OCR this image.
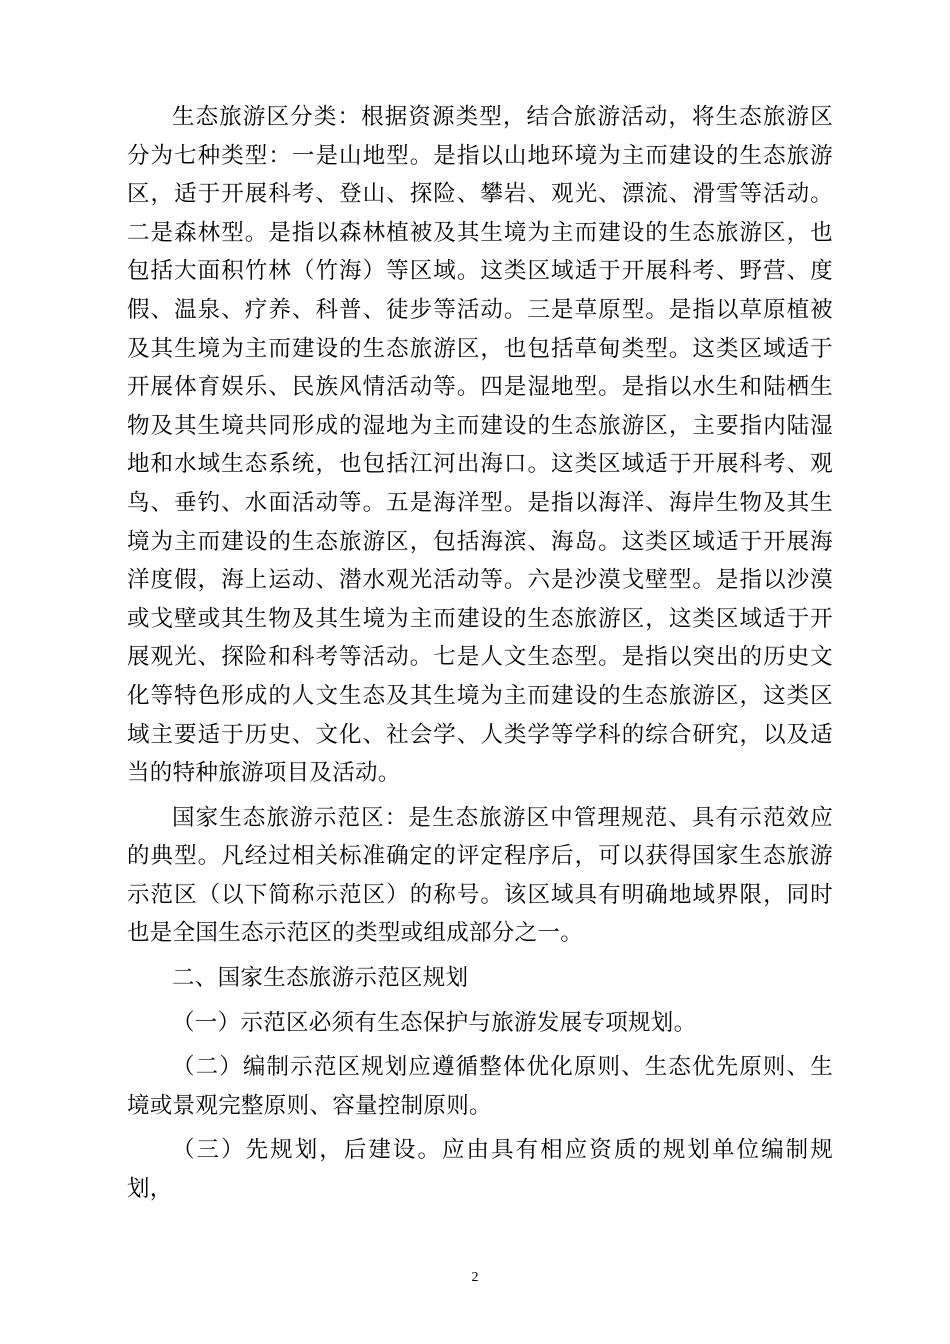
生态旅游区分类：根据资源类型，结合旅游活动，将生态旅游区分为七种类型：一是山地型。是指以山地环境为主而建设的生态旅游区，适于开展科考、登山、探险、攀岩、观光、漂流、滑雪等活动。二是森林型。是指以森林植被及其生境为主而建设的生态旅游区，也包括大面积竹林（竹海）等区域。这类区域适于开展科考、野营、度假、温泉、疗养、科普、徒步等活动。三是草原型。是指以草原植被及其生境为主而建设的生态旅游区，也包括草甸类型。这类区域适于开展体育娱乐、民族风情活动等。四是湿地型。是指以水生和陆栖生物及其生境共同形成的湿地为主而建设的生态旅游区，主要指内陆湿地和水域生态系统，也包括江河出海口。这类区域适于开展科考、观鸟、垂钓、水面活动等。五是海洋型。是指以海洋、海岸生物及其生境为主而建设的生态旅游区，包括海滨、海岛。这类区域适于开展海洋度假，海上运动、潜水观光活动等。六是沙漠戈壁型。是指以沙漠或戈壁或其生物及其生境为主而建设的生态旅游区，这类区域适于开展观光、探险和科考等活动。七是人文生态型。是指以突出的历史文化等特色形成的人文生态及其生境为主而建设的生态旅游区，这类区域主要适于历史、文化、社会学、人类学等学科的综合研究，以及适当的特种旅游项目及活动。

国家生态旅游示范区：是生态旅游区中管理规范、具有示范效应的典型。凡经过相关标准确定的评定程序后，可以获得国家生态旅游示范区（以下简称示范区）的称号。该区域具有明确地域界限，同时也是全国生态示范区的类型或组成部分之一。

二、国家生态旅游示范区规划

（一）示范区必须有生态保护与旅游发展专项规划。

（二）编制示范区规划应遵循整体优化原则、生态优先原则、生境或景观完整原则、容量控制原则。

（三）先规划，后建设。应由具有相应资质的规划单位编制规划，

2
